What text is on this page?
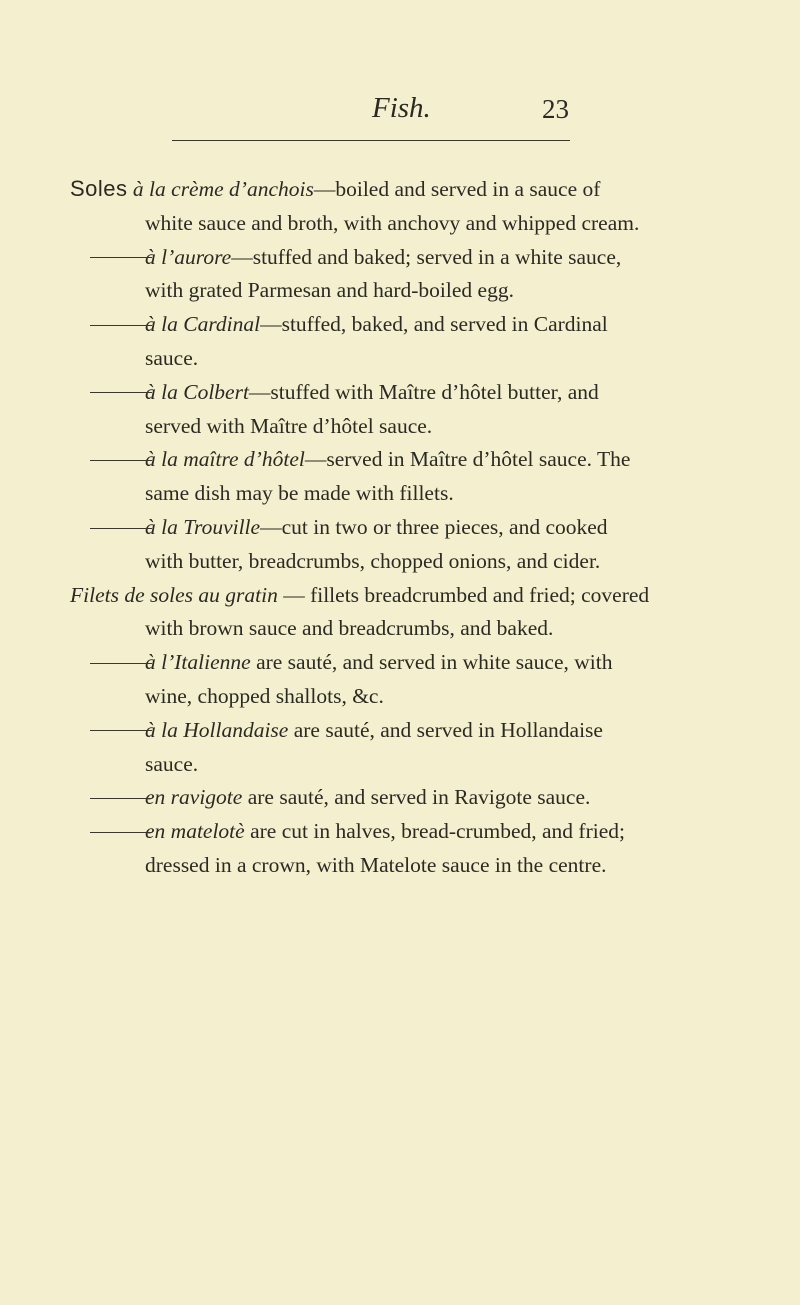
Fish.	23
Soles à la crème d’anchois—boiled and served in a sauce of white sauce and broth, with anchovy and whipped cream.
à l’aurore—stuffed and baked; served in a white sauce, with grated Parmesan and hard-boiled egg.
à la Cardinal—stuffed, baked, and served in Cardinal sauce.
à la Colbert—stuffed with Maître d’hôtel butter, and served with Maître d’hôtel sauce.
à la maître d’hôtel—served in Maître d’hôtel sauce. The same dish may be made with fillets.
à la Trouville—cut in two or three pieces, and cooked with butter, breadcrumbs, chopped onions, and cider.
Filets de soles au gratin — fillets breadcrumbed and fried; covered with brown sauce and breadcrumbs, and baked.
à l’Italienne are sauté, and served in white sauce, with wine, chopped shallots, &c.
à la Hollandaise are sauté, and served in Hollandaise sauce.
en ravigote are sauté, and served in Ravigote sauce.
en matelotè are cut in halves, bread-crumbed, and fried; dressed in a crown, with Matelote sauce in the centre.
